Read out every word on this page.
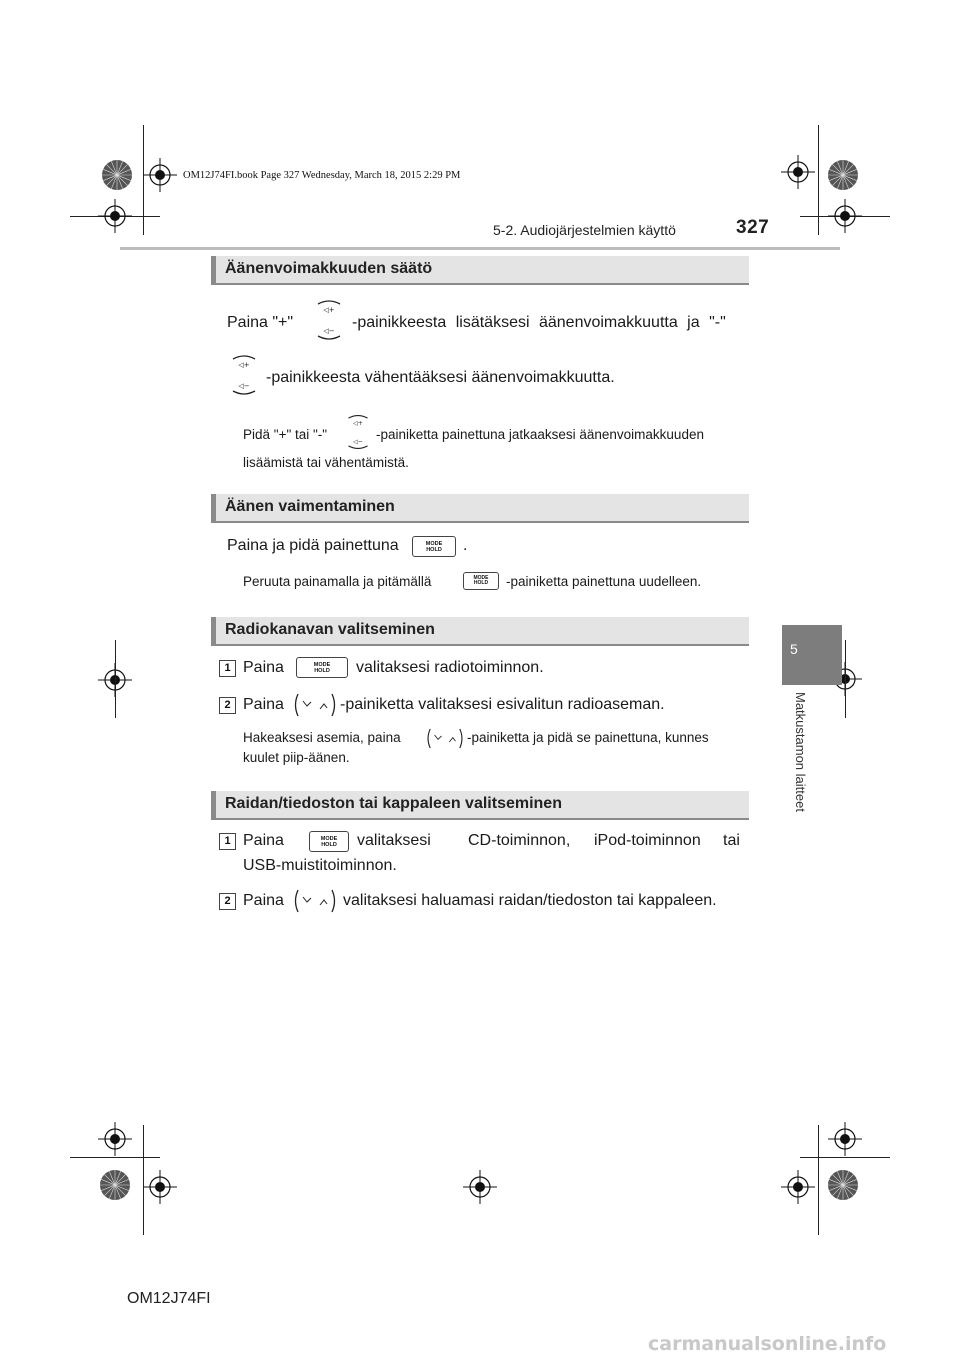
OM12J74FI.book Page 327 Wednesday, March 18, 2015 2:29 PM
5-2. Audiojärjestelmien käyttö	327
5
Matkustamon laitteet
Äänenvoimakkuuden säätö
Paina "+"	-painikkeesta lisätäksesi äänenvoimakkuutta ja "-"
-painikkeesta vähentääksesi äänenvoimakkuutta.
Pidä "+" tai "-"	-painiketta painettuna jatkaaksesi äänenvoimakkuuden
lisäämistä tai vähentämistä.
Äänen vaimentaminen
Paina ja pidä painettuna	MODE
HOLD	.
Peruuta painamalla ja pitämällä	MODE
HOLD	-painiketta painettuna uudelleen.
Radiokanavan valitseminen
1 Paina	MODE
HOLD	valitaksesi radiotoiminnon.
2 Paina	-painiketta valitaksesi esivalitun radioaseman.
Hakeaksesi asemia, paina	-painiketta ja pidä se painettuna, kunnes
kuulet piip-äänen.
Raidan/tiedoston tai kappaleen valitseminen
1 Paina	MODE
HOLD	valitaksesi CD-toiminnon, iPod-toiminnon tai
USB-muistitoiminnon.
2 Paina	valitaksesi haluamasi raidan/tiedoston tai kappaleen.
OM12J74FI
carmanualsonline.info
